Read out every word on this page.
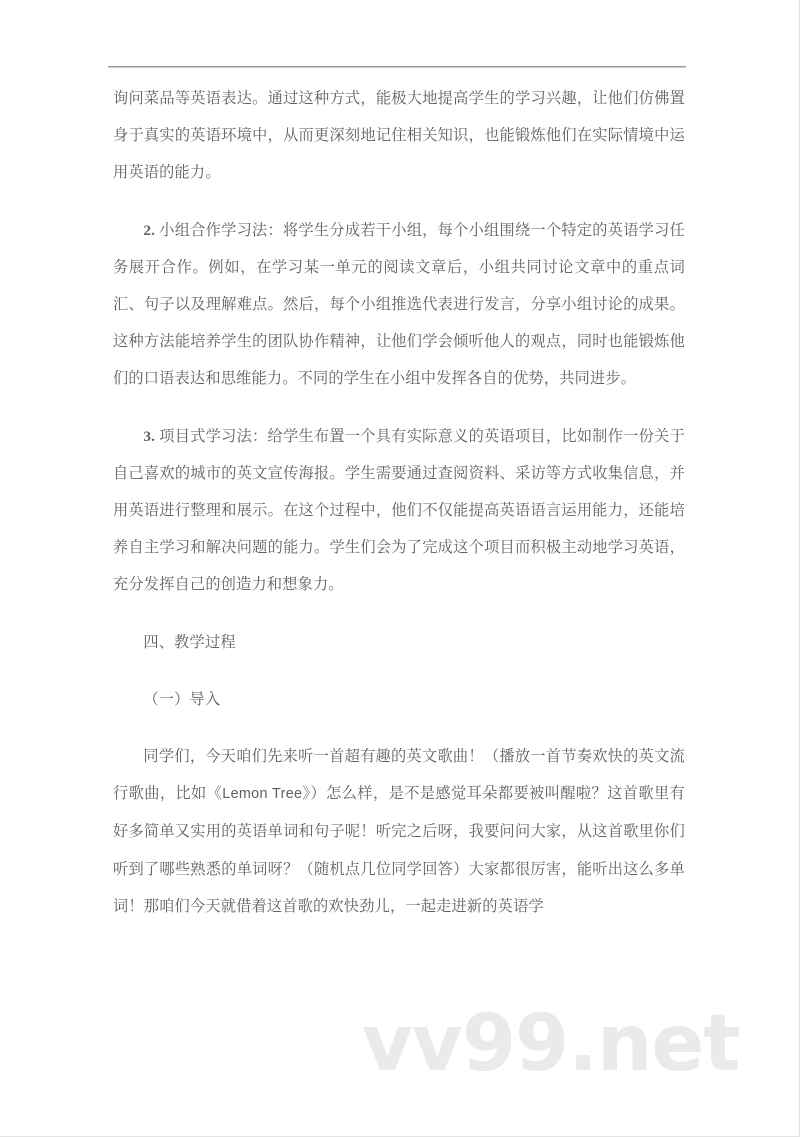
询问菜品等英语表达。通过这种方式，能极大地提高学生的学习兴趣，让他们仿佛置身于真实的英语环境中，从而更深刻地记住相关知识，也能锻炼他们在实际情境中运用英语的能力。

2. 小组合作学习法：将学生分成若干小组，每个小组围绕一个特定的英语学习任务展开合作。例如，在学习某一单元的阅读文章后，小组共同讨论文章中的重点词汇、句子以及理解难点。然后，每个小组推选代表进行发言，分享小组讨论的成果。这种方法能培养学生的团队协作精神，让他们学会倾听他人的观点，同时也能锻炼他们的口语表达和思维能力。不同的学生在小组中发挥各自的优势，共同进步。

3. 项目式学习法：给学生布置一个具有实际意义的英语项目，比如制作一份关于自己喜欢的城市的英文宣传海报。学生需要通过查阅资料、采访等方式收集信息，并用英语进行整理和展示。在这个过程中，他们不仅能提高英语语言运用能力，还能培养自主学习和解决问题的能力。学生们会为了完成这个项目而积极主动地学习英语，充分发挥自己的创造力和想象力。

四、教学过程

（一）导入

同学们，今天咱们先来听一首超有趣的英文歌曲！（播放一首节奏欢快的英文流行歌曲，比如《Lemon Tree》）怎么样，是不是感觉耳朵都要被叫醒啦？这首歌里有好多简单又实用的英语单词和句子呢！听完之后呀，我要问问大家，从这首歌里你们听到了哪些熟悉的单词呀？（随机点几位同学回答）大家都很厉害，能听出这么多单词！那咱们今天就借着这首歌的欢快劲儿，一起走进新的英语学

vv99.net
